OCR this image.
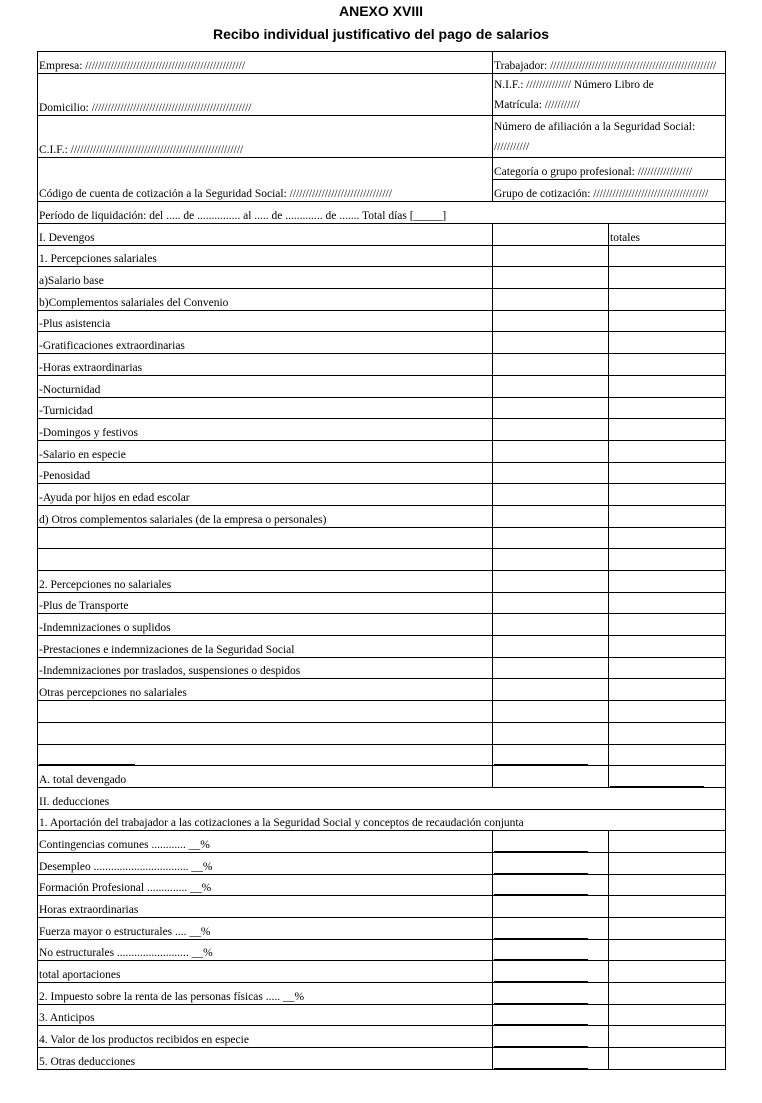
ANEXO XVIII
Recibo individual justificativo del pago de salarios
Empresa: //////////////////////////////////////////////////	Trabajador: ////////////////////////////////////////////////////	
Domicilio: //////////////////////////////////////////////////	N.I.F.: ////////////// Número Libro de
Matrícula: ///////////	

C.I.F.: //////////////////////////////////////////////////////	Número de afiliación a la Seguridad Social:
///////////	

Código de cuenta de cotización a la Seguridad Social: ////////////////////////////////	Categoría o grupo profesional: /////////////////	
	Grupo de cotización: ////////////////////////////////////	
Período de liquidación: del ..... de ............... al ..... de ............. de ....... Total días [_____]		
I. Devengos		totales
1. Percepciones salariales		
a)Salario base		
b)Complementos salariales del Convenio		
-Plus asistencia		
-Gratificaciones extraordinarias		
-Horas extraordinarias		
-Nocturnidad		
-Turnicidad		
-Domingos y festivos		
-Salario en especie		
-Penosidad		
-Ayuda por hijos en edad escolar		
d) Otros complementos salariales (de la empresa o personales)		

2. Percepciones no salariales		
-Plus de Transporte		
-Indemnizaciones o suplidos		
-Prestaciones e indemnizaciones de la Seguridad Social		
-Indemnizaciones por traslados, suspensiones o despidos		
Otras percepciones no salariales		

A. total devengado		

II. deducciones		
1. Aportación del trabajador a las cotizaciones a la Seguridad Social y conceptos de recaudación conjunta		
Contingencias comunes ............ __%	

Desempleo ................................. __%	

Formación Profesional .............. __%	

Horas extraordinarias		
Fuerza mayor o estructurales .... __%	

No estructurales ......................... __%	

total aportaciones	

2. Impuesto sobre la renta de las personas físicas ..... __%	

3. Anticipos	

4. Valor de los productos recibidos en especie	

5. Otras deducciones	
